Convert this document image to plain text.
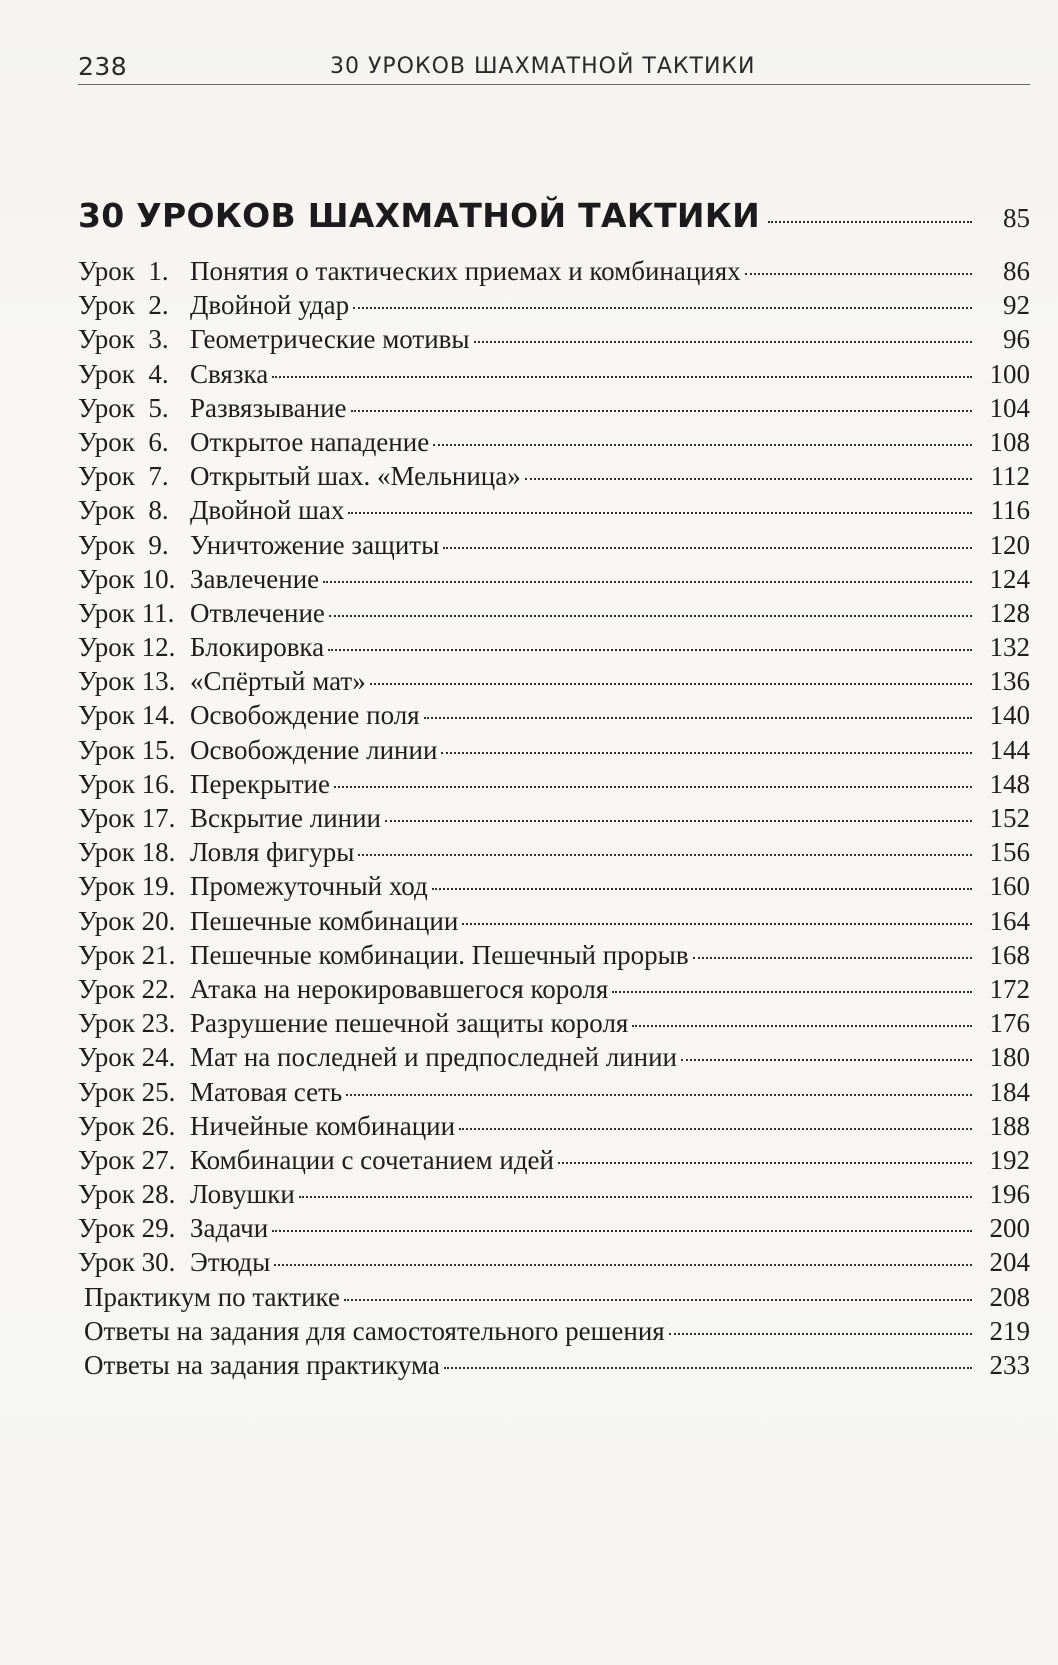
238	30 УРОКОВ ШАХМАТНОЙ ТАКТИКИ
30 УРОКОВ ШАХМАТНОЙ ТАКТИКИ	85
Урок  1. Понятия о тактических приемах и комбинациях	86
Урок  2. Двойной удар	92
Урок  3. Геометрические мотивы	96
Урок  4. Связка	100
Урок  5. Развязывание	104
Урок  6. Открытое нападение	108
Урок  7. Открытый шах. «Мельница»	112
Урок  8. Двойной шах	116
Урок  9. Уничтожение защиты	120
Урок 10. Завлечение	124
Урок 11. Отвлечение	128
Урок 12. Блокировка	132
Урок 13. «Спёртый мат»	136
Урок 14. Освобождение поля	140
Урок 15. Освобождение линии	144
Урок 16. Перекрытие	148
Урок 17. Вскрытие линии	152
Урок 18. Ловля фигуры	156
Урок 19. Промежуточный ход	160
Урок 20. Пешечные комбинации	164
Урок 21. Пешечные комбинации. Пешечный прорыв	168
Урок 22. Атака на нерокировавшегося короля	172
Урок 23. Разрушение пешечной защиты короля	176
Урок 24. Мат на последней и предпоследней линии	180
Урок 25. Матовая сеть	184
Урок 26. Ничейные комбинации	188
Урок 27. Комбинации с сочетанием идей	192
Урок 28. Ловушки	196
Урок 29. Задачи	200
Урок 30. Этюды	204
Практикум по тактике	208
Ответы на задания для самостоятельного решения	219
Ответы на задания практикума	233
